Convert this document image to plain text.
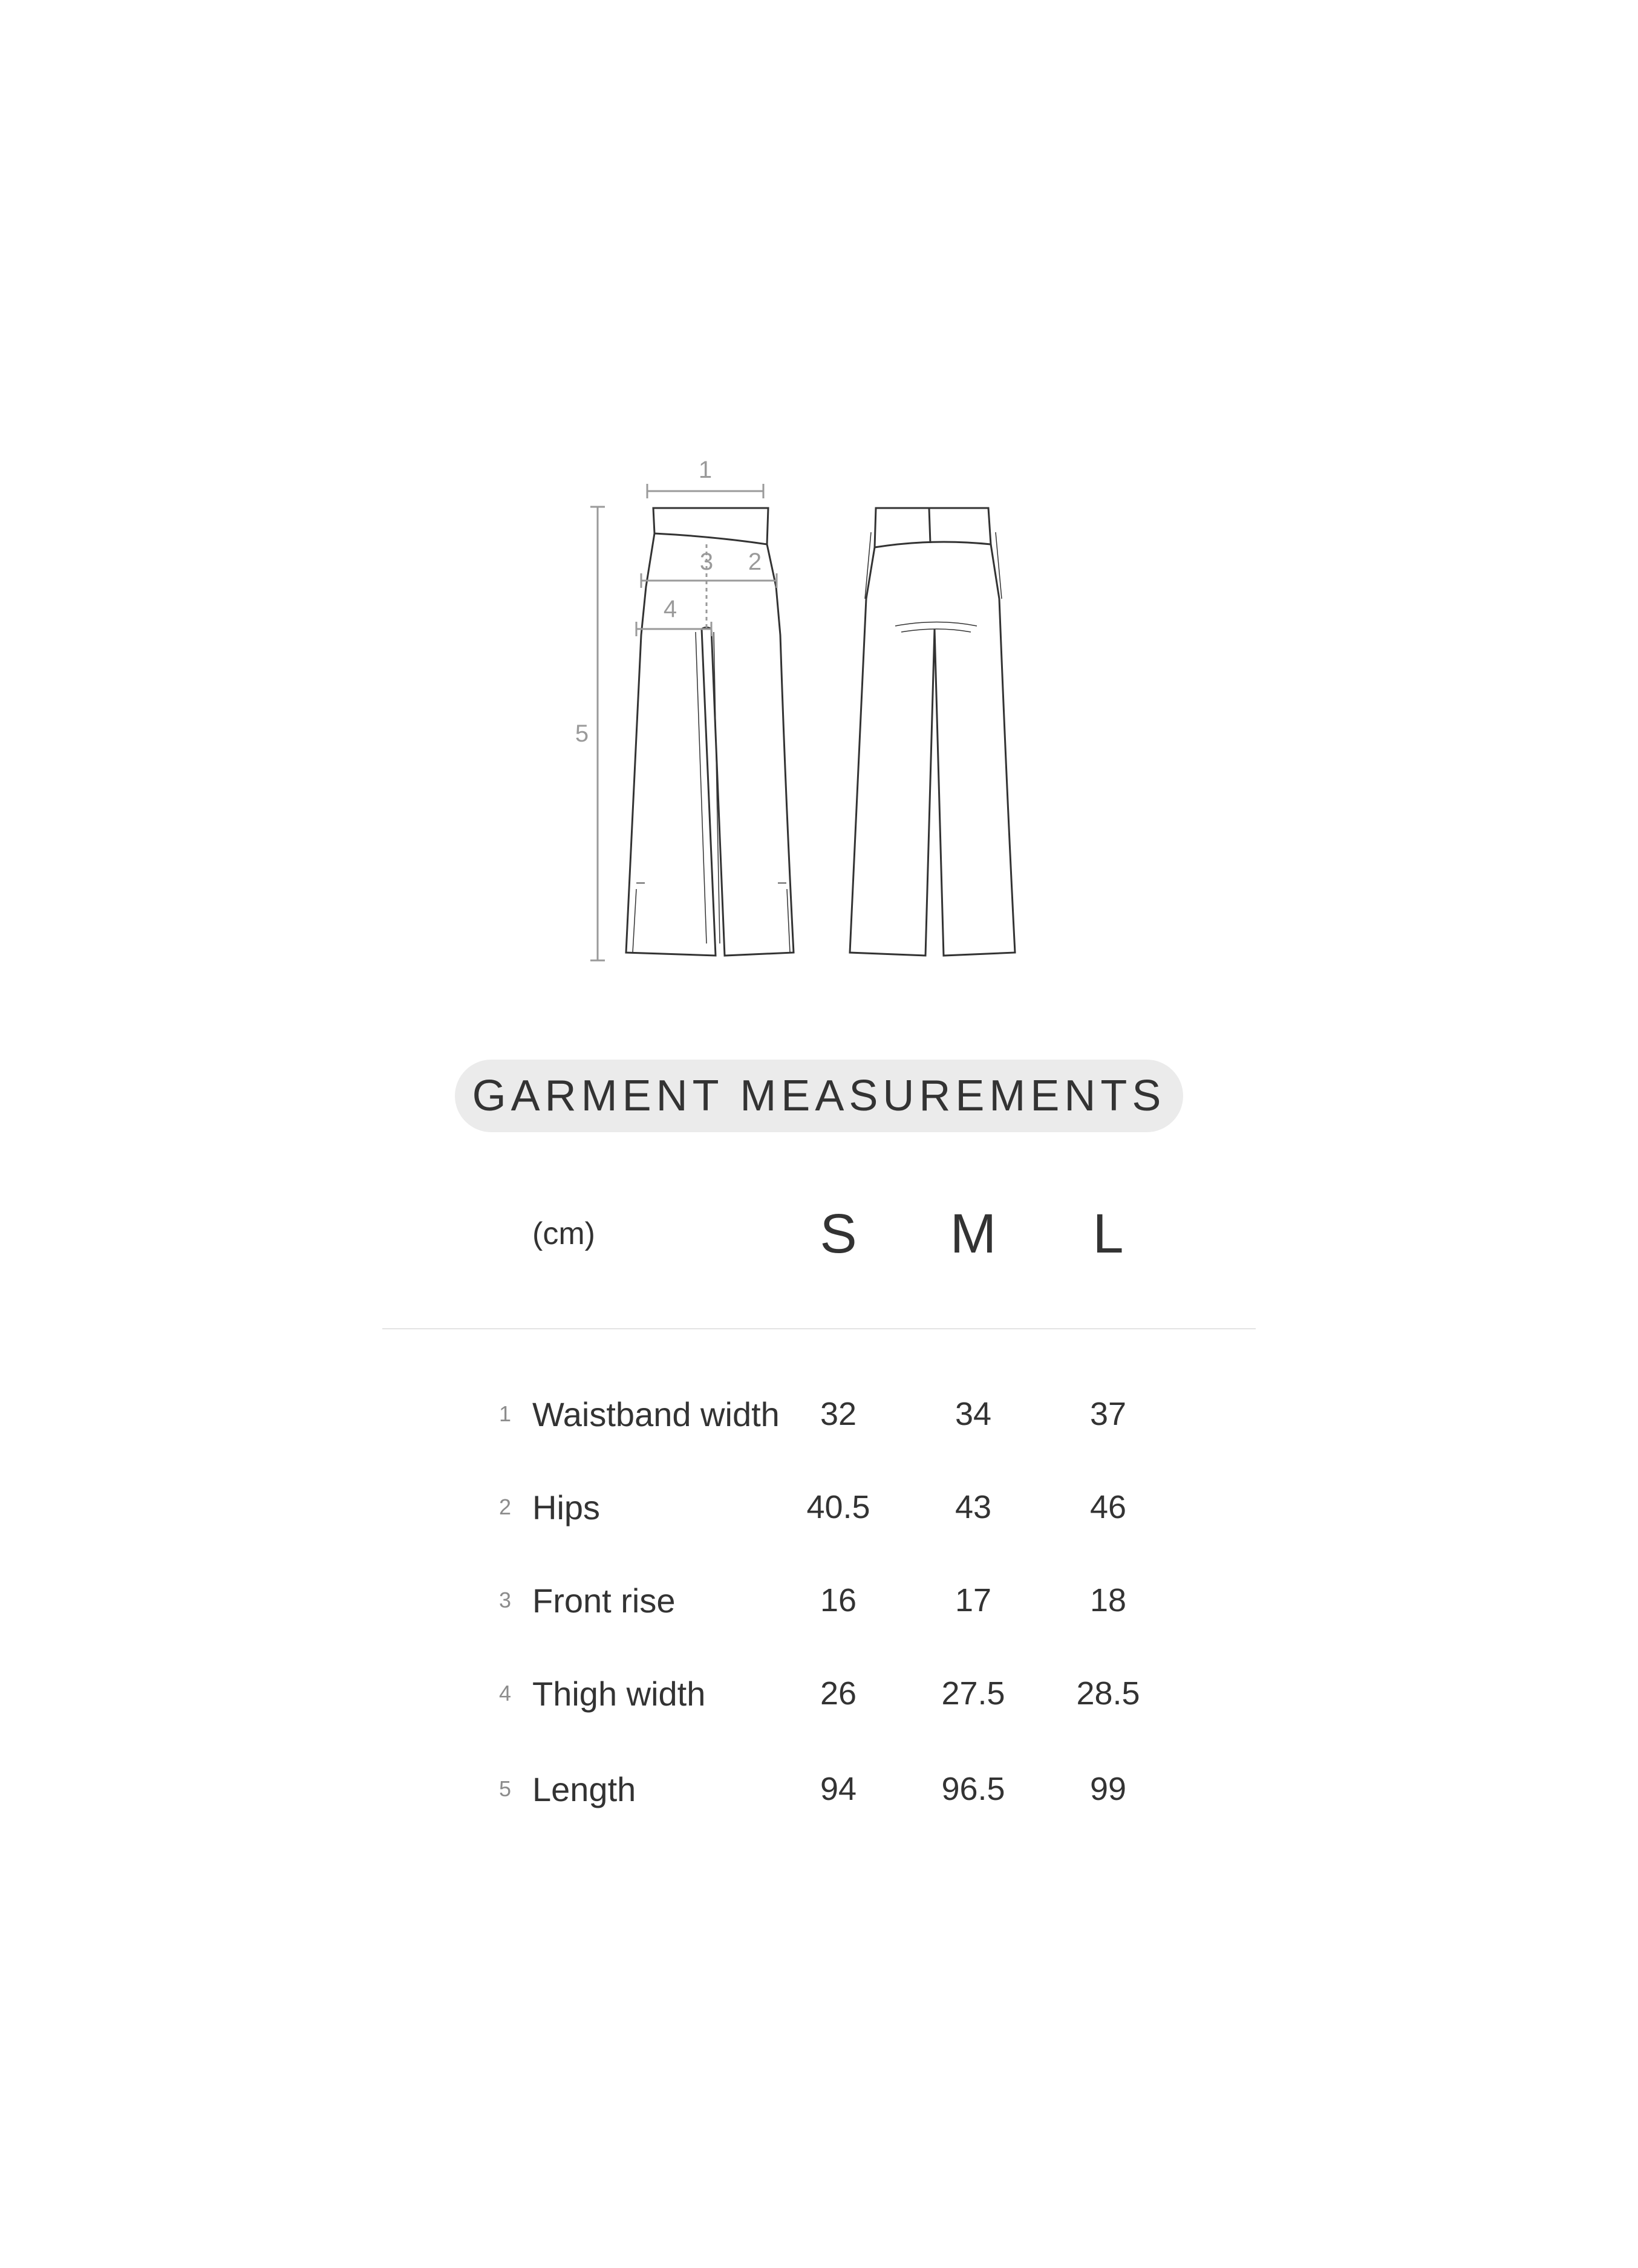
1
2
3
4
5
GARMENT MEASUREMENTS
(cm)	S	M	L
1 Waistband width	32	34	37
2 Hips	40.5	43	46
3 Front rise	16	17	18
4 Thigh width	26	27.5	28.5
5 Length	94	96.5	99
